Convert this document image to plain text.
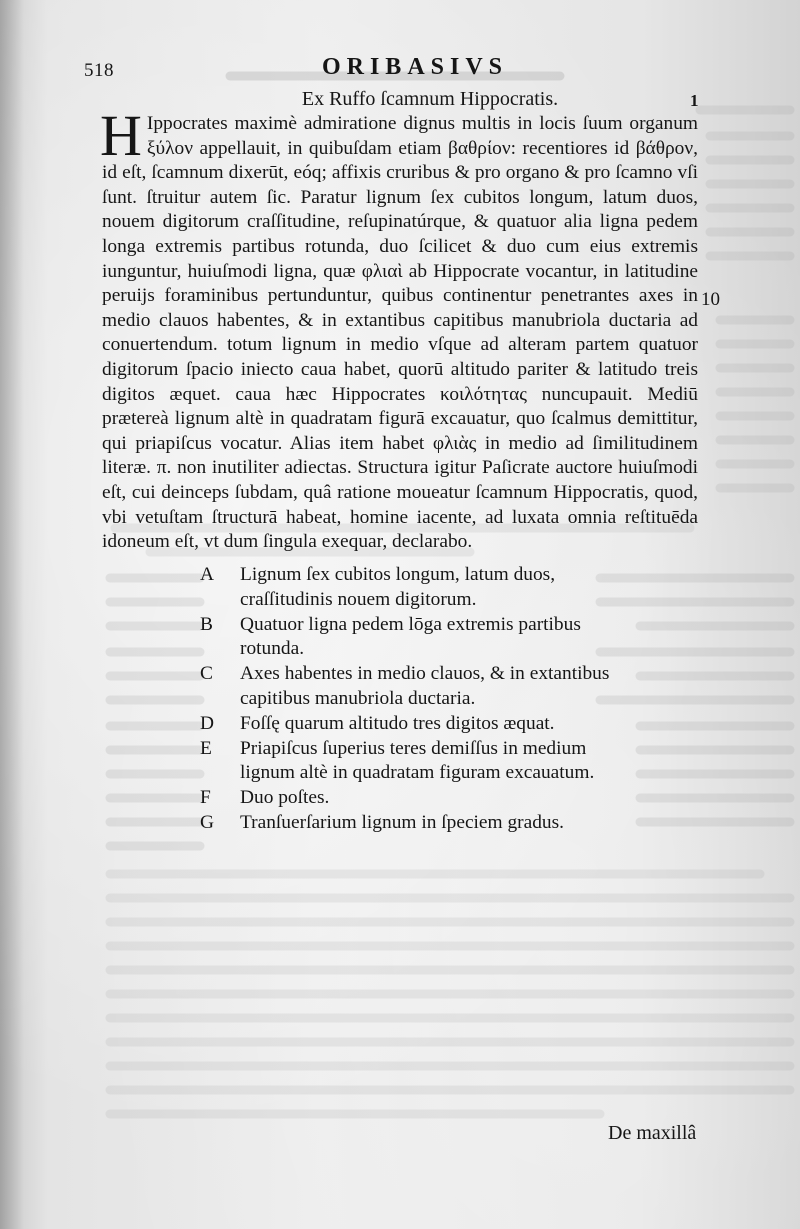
518	ORIBASIVS
Ex Ruffo ſcamnum Hippocratis.	1

H Ippocrates maximè admiratione dignus multis in locis ſuum organum ξύλον appellauit, in quibuſdam etiam βαθρίον: recentiores id βάθρον, id eſt, ſcamnum dixerūt, eóq; affixis cruribus & pro organo & pro ſcamno vſi ſunt. ſtruitur autem ſic. Paratur lignum ſex cubitos longum, latum duos, nouem digitorum craſſitudine, reſupinatúrque, & quatuor alia ligna pedem longa extremis partibus rotunda, duo ſcilicet & duo cum eius extremis iunguntur, huiuſmodi ligna, quæ φλιαὶ ab Hippocrate vocantur, in latitudine peruijs foraminibus pertunduntur, quibus continentur penetrantes axes in medio clauos habentes, & in extantibus capitibus manubriola ductaria ad conuertendum. totum lignum in medio vſque ad alteram partem quatuor digitorum ſpacio iniecto caua habet, quorū altitudo pariter & latitudo treis digitos æquet. caua hæc Hippocrates κοιλότητας nuncupauit. Mediū prætereà lignum altè in quadratam figurā excauatur, quo ſcalmus demittitur, qui priapiſcus vocatur. Alias item habet φλιὰς in medio ad ſimilitudinem literæ. π. non inutiliter adiectas. Structura igitur Paſicrate auctore huiuſmodi eſt, cui deinceps ſubdam, quâ ratione moueatur ſcamnum Hippocratis, quod, vbi vetuſtam ſtructurā habeat, homine iacente, ad luxata omnia reſtituēda idoneum eſt, vt dum ſingula exequar, declarabo.

10
A	Lignum ſex cubitos longum, latum duos, craſſitudinis nouem digitorum.
B	Quatuor ligna pedem lōga extremis partibus rotunda.
C	Axes habentes in medio clauos, & in extantibus capitibus manubriola ductaria.
D	Foſſę quarum altitudo tres digitos æquat.
E	Priapiſcus ſuperius teres demiſſus in medium lignum altè in quadratam figuram excauatum.
F	Duo poſtes.
G	Tranſuerſarium lignum in ſpeciem gradus.
De maxillâ
